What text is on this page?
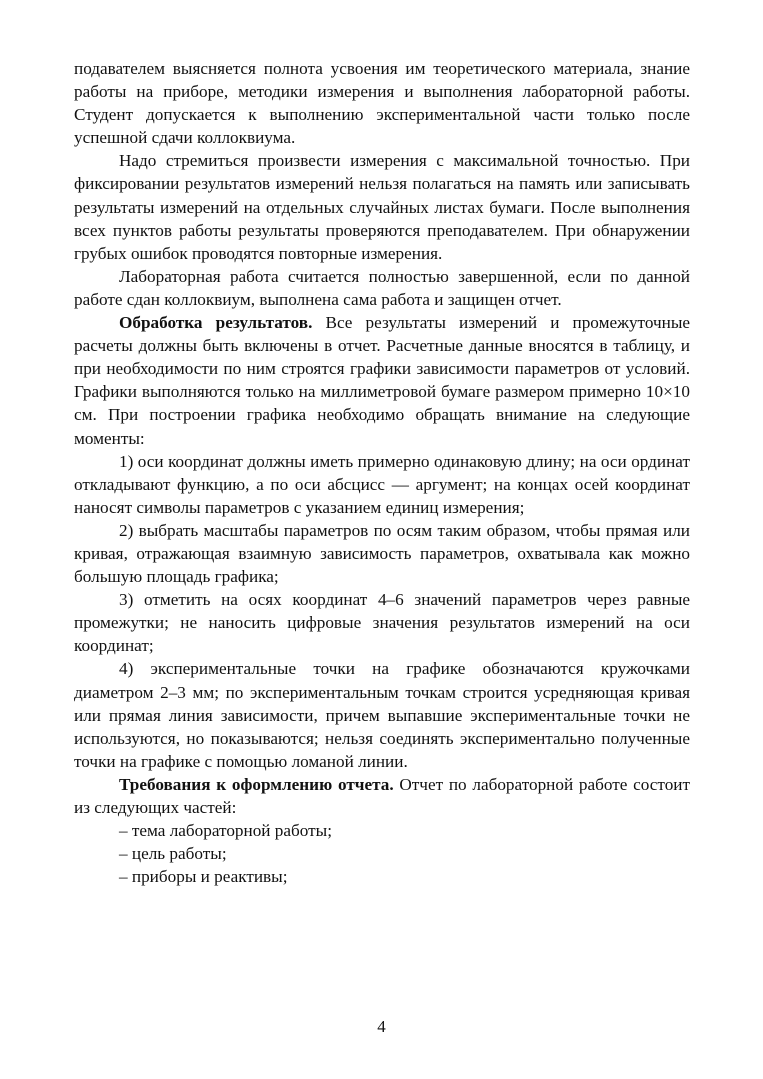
подавателем выясняется полнота усвоения им теоретического материала, знание работы на приборе, методики измерения и выполнения лабораторной работы. Студент допускается к выполнению экспериментальной части только после успешной сдачи коллоквиума.

Надо стремиться произвести измерения с максимальной точностью. При фиксировании результатов измерений нельзя полагаться на память или записывать результаты измерений на отдельных случайных листах бумаги. После выполнения всех пунктов работы результаты проверяются преподавателем. При обнаружении грубых ошибок проводятся повторные измерения.

Лабораторная работа считается полностью завершенной, если по данной работе сдан коллоквиум, выполнена сама работа и защищен отчет.

Обработка результатов. Все результаты измерений и промежуточные расчеты должны быть включены в отчет. Расчетные данные вносятся в таблицу, и при необходимости по ним строятся графики зависимости параметров от условий. Графики выполняются только на миллиметровой бумаге размером примерно 10×10 см. При построении графика необходимо обращать внимание на следующие моменты:

1) оси координат должны иметь примерно одинаковую длину; на оси ординат откладывают функцию, а по оси абсцисс — аргумент; на концах осей координат наносят символы параметров с указанием единиц измерения;

2) выбрать масштабы параметров по осям таким образом, чтобы прямая или кривая, отражающая взаимную зависимость параметров, охватывала как можно большую площадь графика;

3) отметить на осях координат 4–6 значений параметров через равные промежутки; не наносить цифровые значения результатов измерений на оси координат;

4) экспериментальные точки на графике обозначаются кружочками диаметром 2–3 мм; по экспериментальным точкам строится усредняющая кривая или прямая линия зависимости, причем выпавшие экспериментальные точки не используются, но показываются; нельзя соединять экспериментально полученные точки на графике с помощью ломаной линии.

Требования к оформлению отчета. Отчет по лабораторной работе состоит из следующих частей:

– тема лабораторной работы;

– цель работы;

– приборы и реактивы;

4
